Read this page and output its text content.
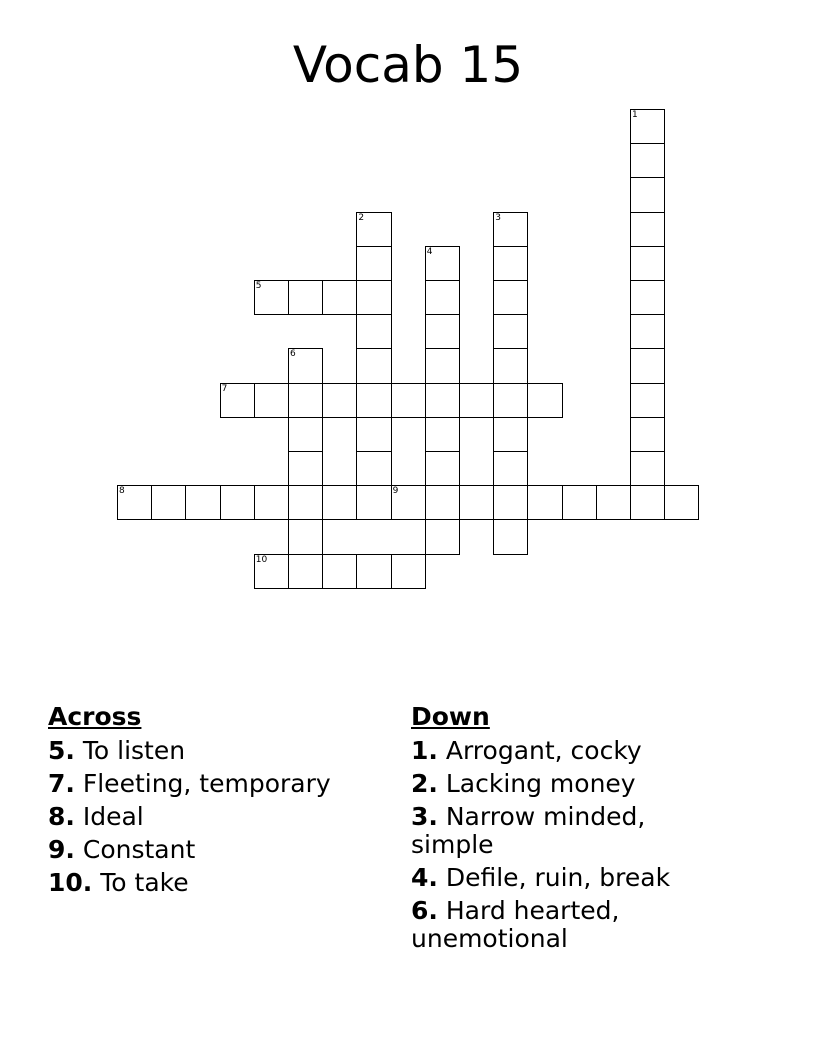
Vocab 15
1
2	3
4
5
6
7
8	9
10
Across
5. To listen
7. Fleeting, temporary
8. Ideal
9. Constant
10. To take
Down
1. Arrogant, cocky
2. Lacking money
3. Narrow minded, simple
4. Defile, ruin, break
6. Hard hearted, unemotional
